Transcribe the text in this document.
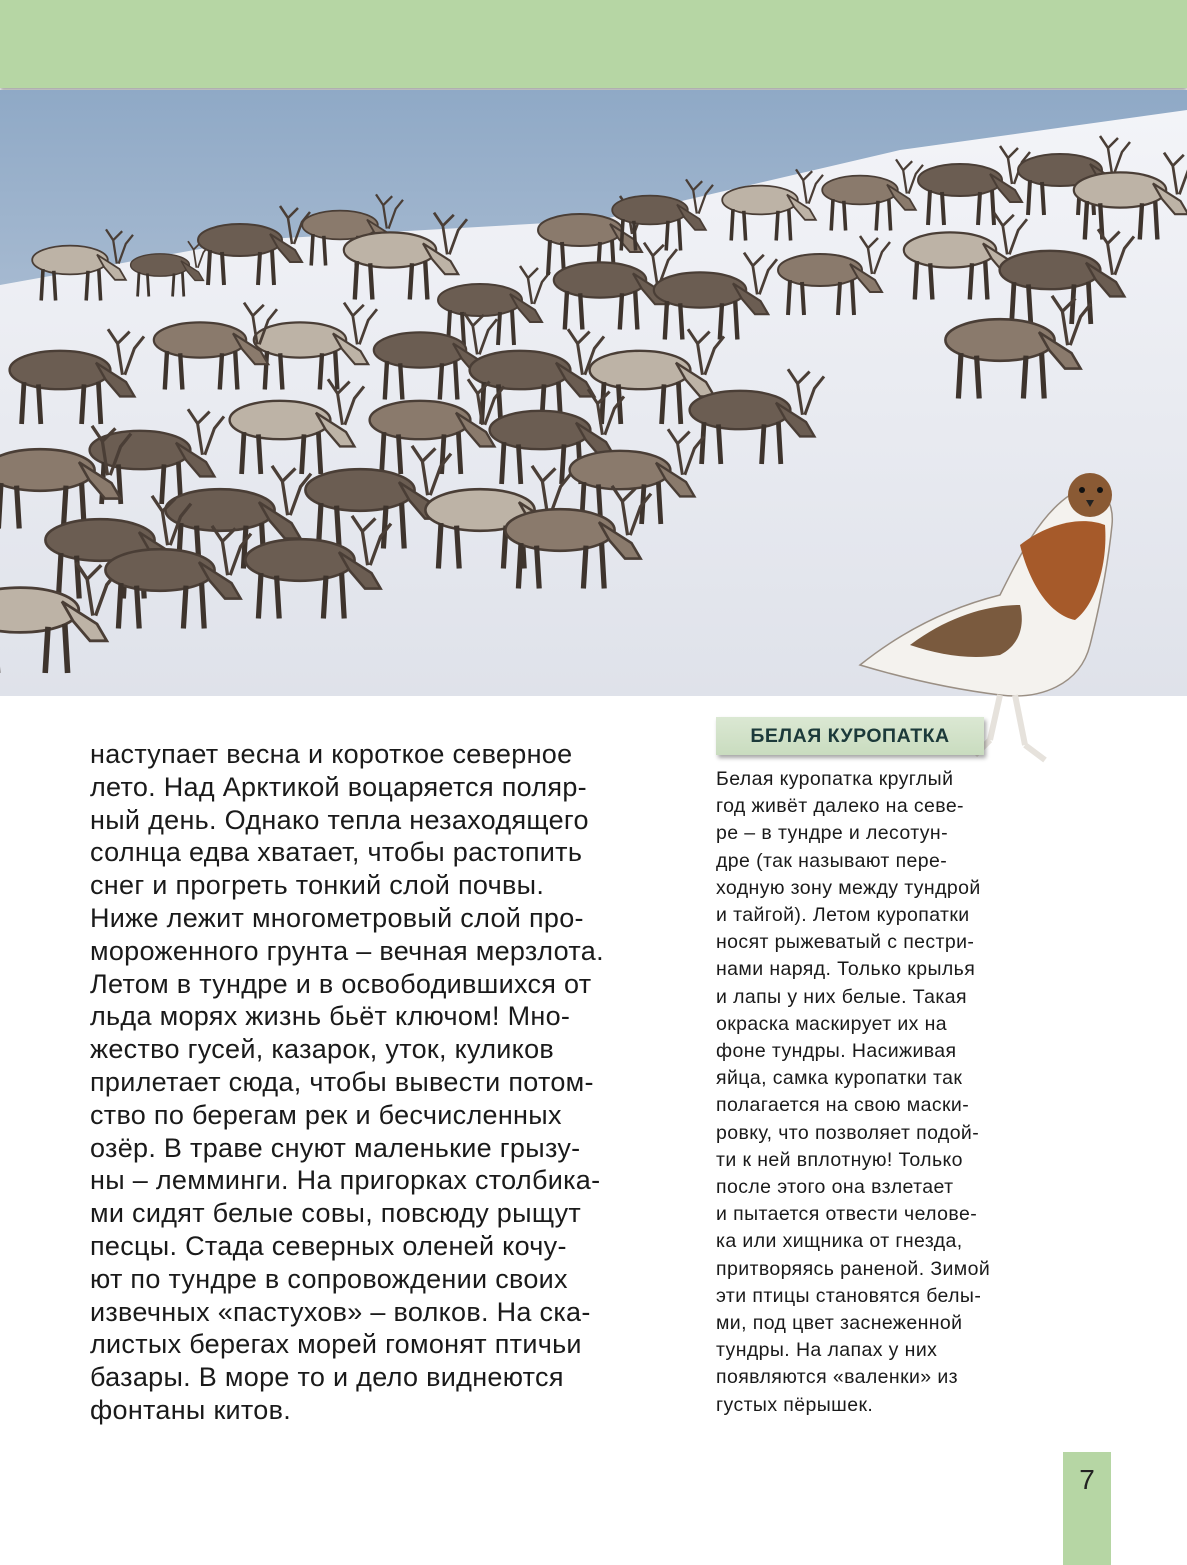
наступает весна и короткое северное
лето. Над Арктикой воцаряется поляр-
ный день. Однако тепла незаходящего
солнца едва хватает, чтобы растопить
снег и прогреть тонкий слой почвы.
Ниже лежит многометровый слой про-
мороженного грунта – вечная мерзлота.
Летом в тундре и в освободившихся от
льда морях жизнь бьёт ключом! Мно-
жество гусей, казарок, уток, куликов
прилетает сюда, чтобы вывести потом-
ство по берегам рек и бесчисленных
озёр. В траве снуют маленькие грызу-
ны – лемминги. На пригорках столбика-
ми сидят белые совы, повсюду рыщут
песцы. Стада северных оленей кочу-
ют по тундре в сопровождении своих
извечных «пастухов» – волков. На ска-
листых берегах морей гомонят птичьи
базары. В море то и дело виднеются
фонтаны китов.
БЕЛАЯ КУРОПАТКА
Белая куропатка круглый
год живёт далеко на севе-
ре – в тундре и лесотун-
дре (так называют пере-
ходную зону между тундрой
и тайгой). Летом куропатки
носят рыжеватый с пестри-
нами наряд. Только крылья
и лапы у них белые. Такая
окраска маскирует их на
фоне тундры. Насиживая
яйца, самка куропатки так
полагается на свою маски-
ровку, что позволяет подой-
ти к ней вплотную! Только
после этого она взлетает
и пытается отвести челове-
ка или хищника от гнезда,
притворяясь раненой. Зимой
эти птицы становятся белы-
ми, под цвет заснеженной
тундры. На лапах у них
появляются «валенки» из
густых пёрышек.
7
